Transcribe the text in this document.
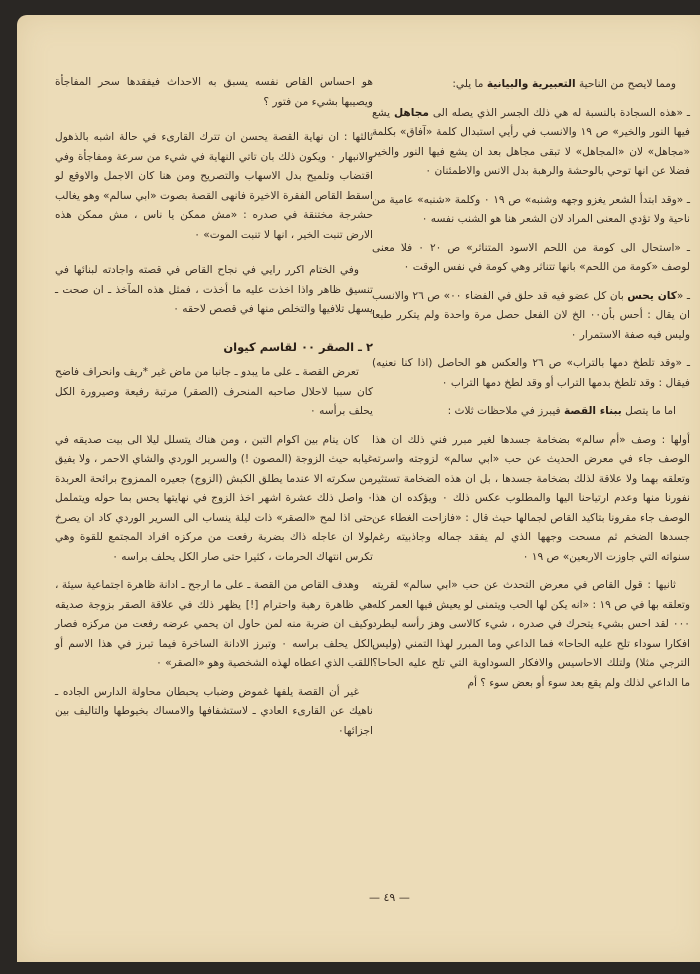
ومما لايصح من الناحية التعبيرية والبيانية ما يلي:

ـ «هذه السجادة بالنسبة له هي ذلك الجسر الذي يصله الى مجاهل يشع فيها النور والخير» ص ١٩ والانسب في رأيي استبدال كلمة «آفاق» بكلمة «مجاهل» لان «المجاهل» لا تبقى مجاهل بعد ان يشع فيها النور والخير فضلا عن انها توحي بالوحشة والرهبة بدل الانس والاطمئنان ٠

ـ «وقد ابتدأ الشعر يغزو وجهه وشنبه» ص ١٩ ٠ وكلمة «شنبه» عامية من ناحية ولا تؤدي المعنى المراد لان الشعر هنا هو الشنب نفسه ٠

ـ «استحال الى كومة من اللحم الاسود المتناثر» ص ٢٠ ٠ فلا معنى لوصف «كومة من اللحم» بانها تتناثر وهي كومة في نفس الوقت ٠

ـ «كان يحس بان كل عضو فيه قد حلق في الفضاء ٠٠» ص ٢٦ والانسب ان يقال : أحس بأن٠٠ الخ لان الفعل حصل مرة واحدة ولم يتكرر طبعا وليس فيه صفة الاستمرار ٠

ـ «وقد تلطخ دمها بالتراب» ص ٢٦ والعكس هو الحاصل (اذا كنا نعنيه) فيقال : وقد تلطخ بدمها التراب أو وقد لطخ دمها التراب ٠

اما ما يتصل ببناء القصة فيبرز في ملاحظات ثلاث :

أولها : وصف «أم سالم» بضخامة جسدها لغير مبرر فني ذلك ان هذا الوصف جاء في معرض الحديث عن حب «ابي سالم» لزوجته واسرته وتعلقه بهما ولا علاقة لذلك بضخامة جسدها ، بل ان هذه الضخامة تستثير نفورنا منها وعدم ارتياحنا اليها والمطلوب عكس ذلك ٠ ويؤكده ان هذا الوصف جاء مقرونا بتاكيد القاص لجمالها حيث قال : «فازاحت الغطاء عن جسدها الضخم ثم مسحت وجهها الذي لم يفقد جماله وجاذبيته رغم سنواته التي جاوزت الاربعين» ص ١٩ ٠

ثانيها : قول القاص في معرض التحدث عن حب «ابي سالم» لقريته وتعلقه بها في ص ١٩ : «انه يكن لها الحب ويتمنى لو يعيش فيها العمر كله ٠٠٠ لقد احس بشيء يتحرك في صدره ، شيء كالاسى وهز رأسه ليطرد افكارا سوداء تلح عليه الحاحا» فما الداعي وما المبرر لهذا التمني (وليس الترجي مثلا) ولتلك الاحاسيس والافكار السوداوية التي تلح عليه الحاحا؟ ما الداعي لذلك ولم يقع بعد سوء أو بعض سوء ؟ أم

هو احساس القاص نفسه يسبق به الاحداث فيفقدها سحر المفاجأة ويصيبها بشيء من فتور ؟

ثالثها : ان نهاية القصة يحسن ان تترك القارىء في حالة اشبه بالذهول والانبهار ٠ ويكون ذلك بان تاتي النهاية في شيء من سرعة ومفاجأة وفي اقتضاب وتلميح بدل الاسهاب والتصريح ومن هنا كان الاجمل والاوقع لو اسقط القاص الفقرة الاخيرة فانهى القصة بصوت «ابي سالم» وهو يغالب حشرجة مختنقة في صدره : «مش ممكن يا ناس ، مش ممكن هذه الارض تنبت الخير ، انها لا تنبت الموت» ٠

وفي الختام اكرر رايي في نجاح القاص في قصته واجادته لبنائها في تنسيق ظاهر واذا اخذت عليه ما أخذت ، فمثل هذه المآخذ ـ ان صحت ـ يسهل تلافيها والتخلص منها في قصص لاحقه ٠

٢ ـ الصقر ٠٠ لقاسم كيوان

تعرض القصة ـ على ما يبدو ـ جانبا من ماض غير *ريف وانحراف فاضح كان سببا لاحلال صاحبه المنحرف (الصقر) مرتبة رفيعة وصيرورة الكل يحلف برأسه ٠

كان ينام بين اكوام التبن ، ومن هناك يتسلل ليلا الى بيت صديقه في غيابه حيث الزوجة (المصون !) والسرير الوردي والشاي الاحمر ، ولا يفيق من سكرته الا عندما يطلق الكبش (الزوج) جعيره الممزوج برائحة العربدة ٠ واصل ذلك عشرة اشهر اخذ الزوج في نهايتها يحس بما حوله ويتململ حتى اذا لمح «الصقر» ذات ليلة ينساب الى السرير الوردي كاد ان يصرخ لولا ان عاجله ذاك بضربة رفعت من مركزه افراد المجتمع للقوة وهي تكرس انتهاك الحرمات ، كثيرا حتى صار الكل يحلف براسه ٠

وهدف القاص من القصة ـ على ما ارجح ـ ادانة ظاهرة اجتماعية سيئة ، هي ظاهرة رهبة واحترام [!] يظهر ذلك في علاقة الصقر بزوجة صديقه وكيف ان ضربة منه لمن حاول ان يحمي عرضه رفعت من مركزه فصار الكل يحلف براسه ٠ وتبرز الادانة الساخرة فيما تبرز في هذا الاسم أو اللقب الذي اعطاه لهذه الشخصية وهو «الصقر» ٠

غير أن القصة يلفها غموض وضباب يحبطان محاولة الدارس الجاده ـ ناهيك عن القارىء العادي ـ لاستشفافها والامساك بخيوطها والتاليف بين اجزائها٠

— ٤٩ —
